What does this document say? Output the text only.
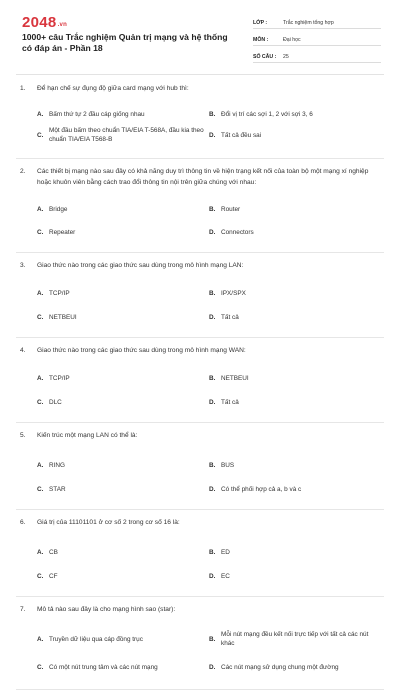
2048.vn
1000+ câu Trắc nghiệm Quản trị mạng và hệ thống có đáp án - Phần 18
LỚP :	Trắc nghiệm tổng hợp
MÔN :	Đại học
SỐ CÂU :	25
1.	Để hạn chế sự đụng độ giữa card mạng với hub thì:
A. Bấm thứ tự 2 đầu cáp giống nhau	B. Đổi vị trí các sợi 1, 2 với sợi 3, 6
C.
Một đầu bấm theo chuẩn TIA/EIA T-568A, đầu kia theo chuẩn TIA/EIA T568-B
D. Tất cả đều sai
2.	Các thiết bị mạng nào sau đây có khả năng duy trì thông tin về hiện trạng kết nối của toàn bộ một mạng xí nghiệp hoặc khuôn viên bằng cách trao đổi thông tin nội trên giữa chúng với nhau:
A. Bridge	B. Router
C. Repeater	D. Connectors
3.	Giao thức nào trong các giao thức sau dùng trong mô hình mạng LAN:
A. TCP/IP	B. IPX/SPX
C. NETBEUI	D. Tất cả
4.	Giao thức nào trong các giao thức sau dùng trong mô hình mạng WAN:
A. TCP/IP	B. NETBEUI
C. DLC	D. Tất cả
5.	Kiến trúc một mạng LAN có thể là:
A. RING	B. BUS
C. STAR	D. Có thể phối hợp cả a, b và c
6.	Giá trị của 11101101 ở cơ số 2 trong cơ số 16 là:
A. CB	B. ED
C. CF	D. EC
7.	Mô tả nào sau đây là cho mạng hình sao (star):
A. Truyền dữ liệu qua cáp đồng trục	B.
Mỗi nút mạng đều kết nối trực tiếp với tất cả các nút khác
C. Có một nút trung tâm và các nút mạng	D. Các nút mạng sử dụng chung một đường
